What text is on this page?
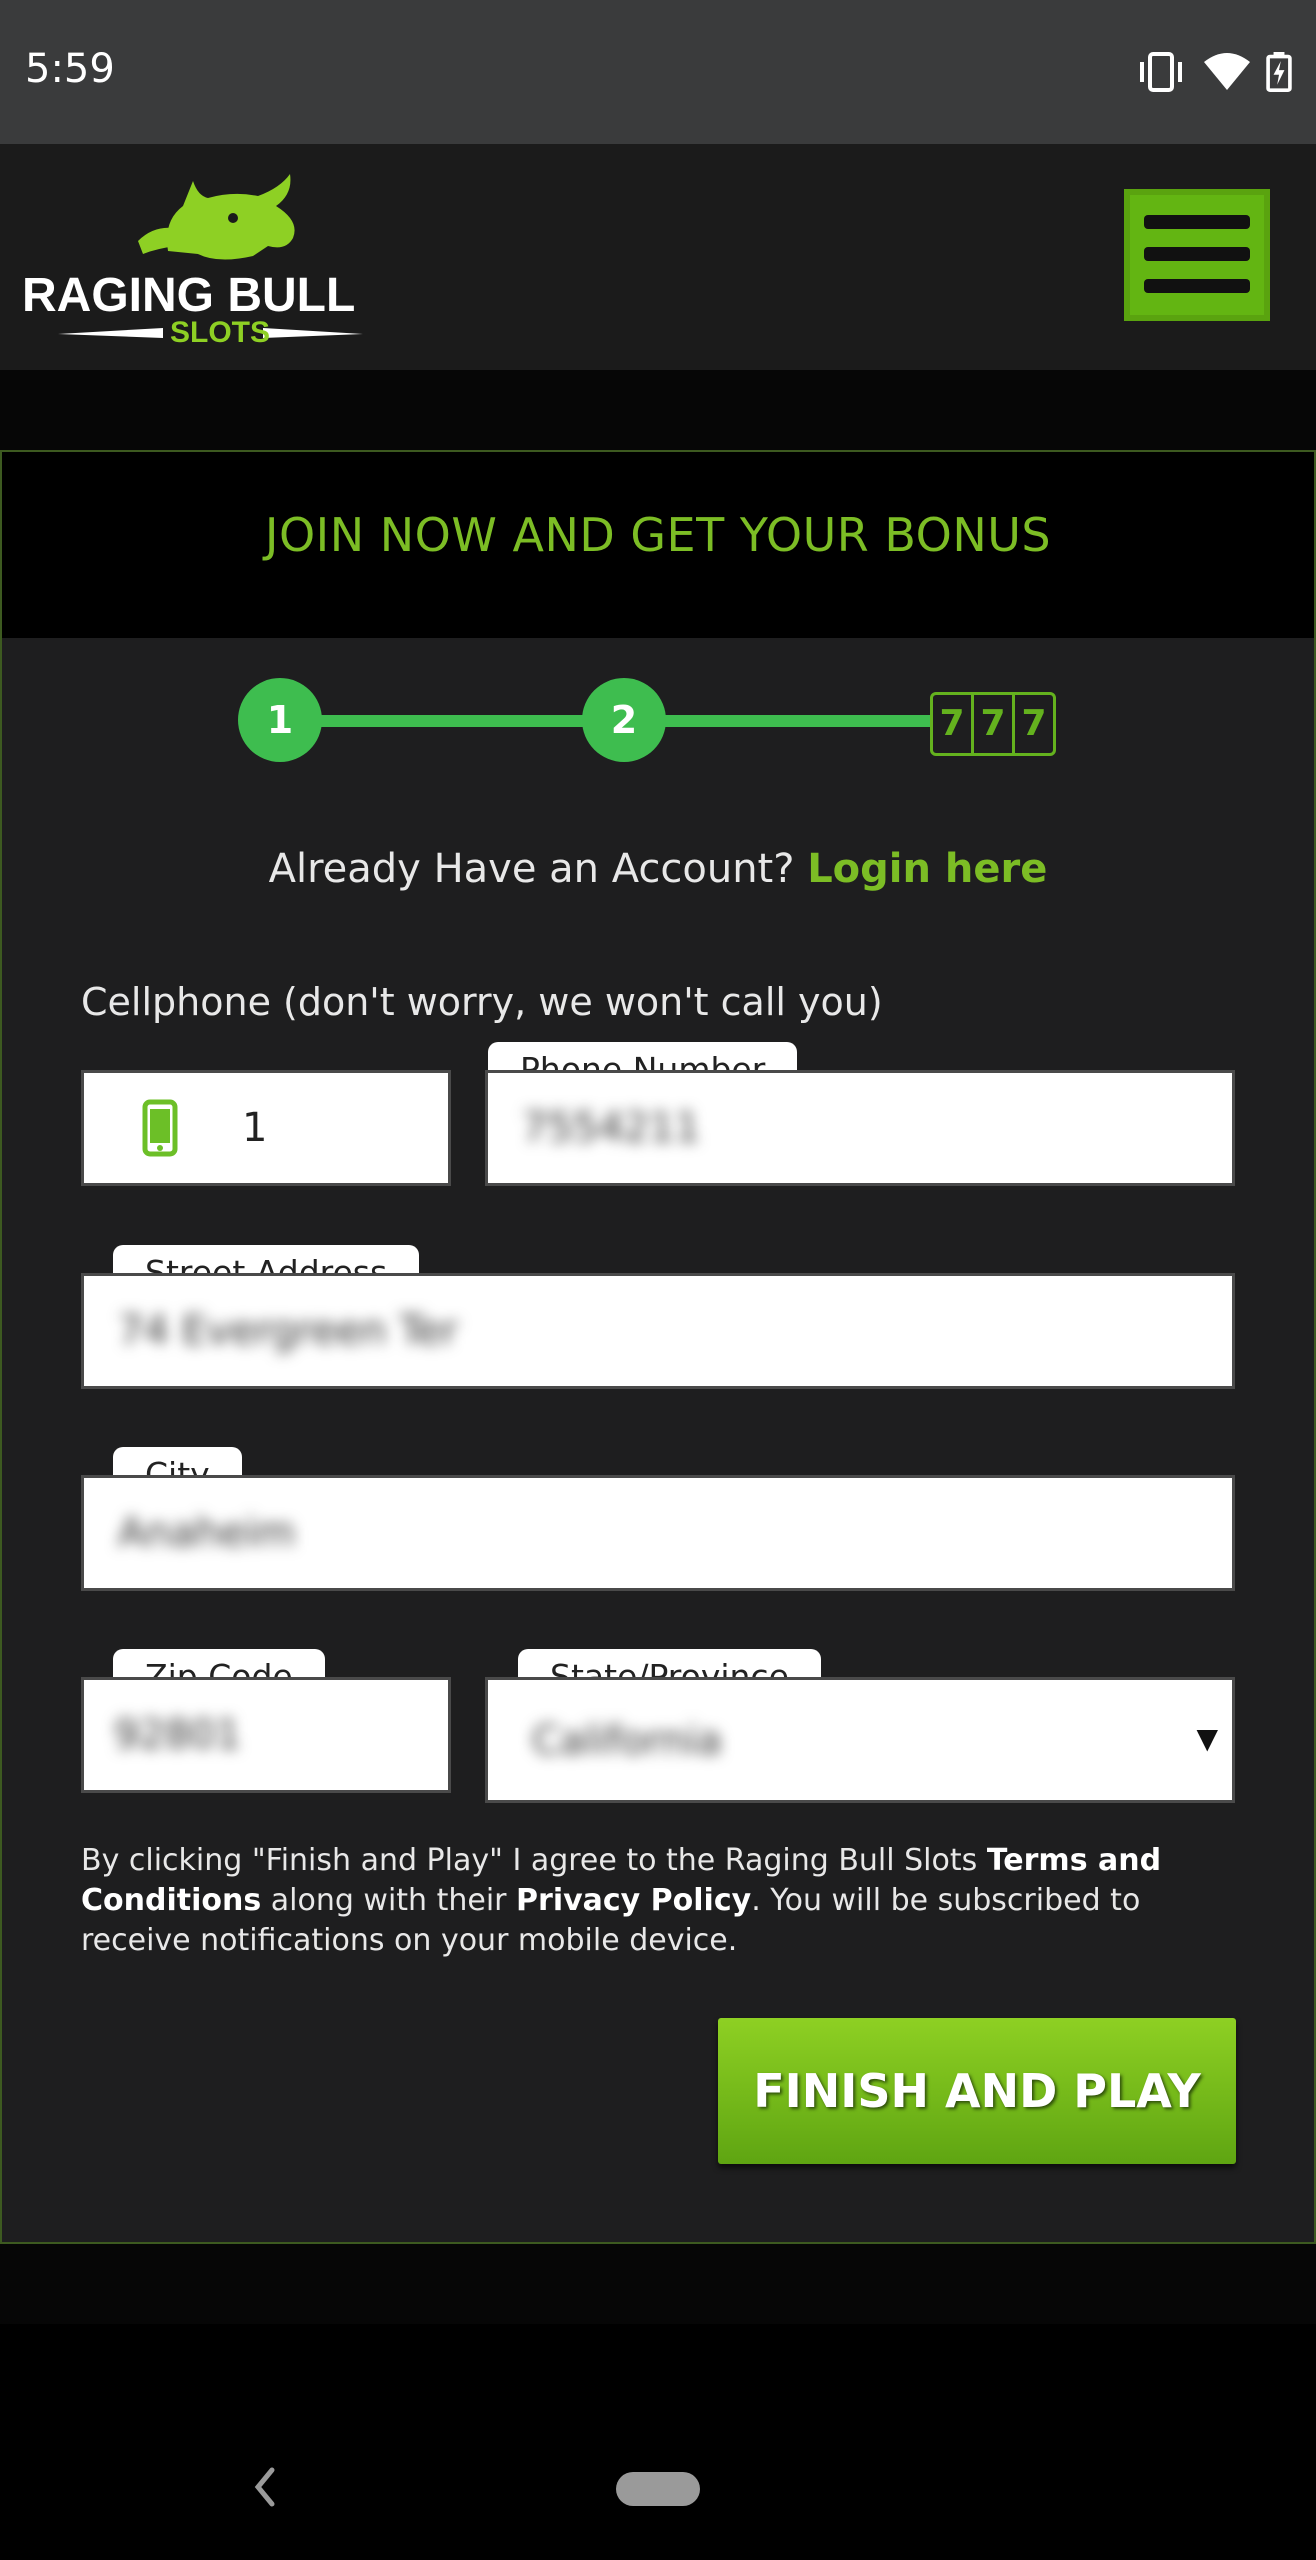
5:59
RAGING BULL
SLOTS
JOIN NOW AND GET YOUR BONUS
1	2	7 7 7
Already Have an Account? Login here
Cellphone (don't worry, we won't call you)
1	7554211
74 Evergreen Ter
Anaheim
92801	California	▼
By clicking "Finish and Play" I agree to the Raging Bull Slots Terms and Conditions along with their Privacy Policy. You will be subscribed to receive notifications on your mobile device.
FINISH AND PLAY
